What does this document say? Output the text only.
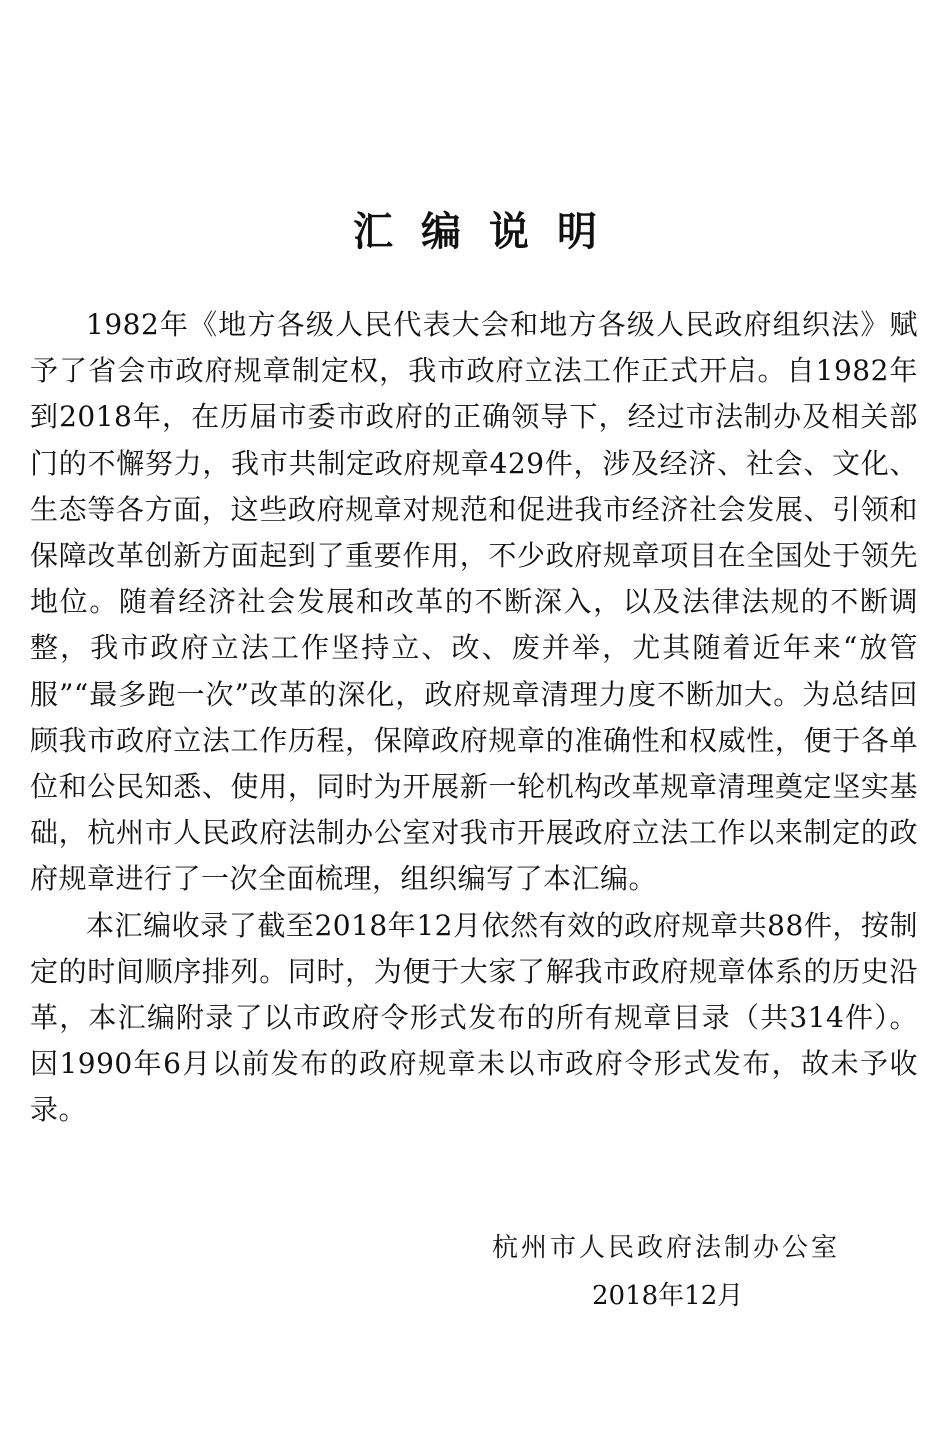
汇编说明

1982年《地方各级人民代表大会和地方各级人民政府组织法》赋予了省会市政府规章制定权，我市政府立法工作正式开启。自1982年到2018年，在历届市委市政府的正确领导下，经过市法制办及相关部门的不懈努力，我市共制定政府规章429件，涉及经济、社会、文化、生态等各方面，这些政府规章对规范和促进我市经济社会发展、引领和保障改革创新方面起到了重要作用，不少政府规章项目在全国处于领先地位。随着经济社会发展和改革的不断深入，以及法律法规的不断调整，我市政府立法工作坚持立、改、废并举，尤其随着近年来“放管服”“最多跑一次”改革的深化，政府规章清理力度不断加大。为总结回顾我市政府立法工作历程，保障政府规章的准确性和权威性，便于各单位和公民知悉、使用，同时为开展新一轮机构改革规章清理奠定坚实基础，杭州市人民政府法制办公室对我市开展政府立法工作以来制定的政府规章进行了一次全面梳理，组织编写了本汇编。

本汇编收录了截至2018年12月依然有效的政府规章共88件，按制定的时间顺序排列。同时，为便于大家了解我市政府规章体系的历史沿革，本汇编附录了以市政府令形式发布的所有规章目录（共314件）。因1990年6月以前发布的政府规章未以市政府令形式发布，故未予收录。

杭州市人民政府法制办公室
2018年12月
